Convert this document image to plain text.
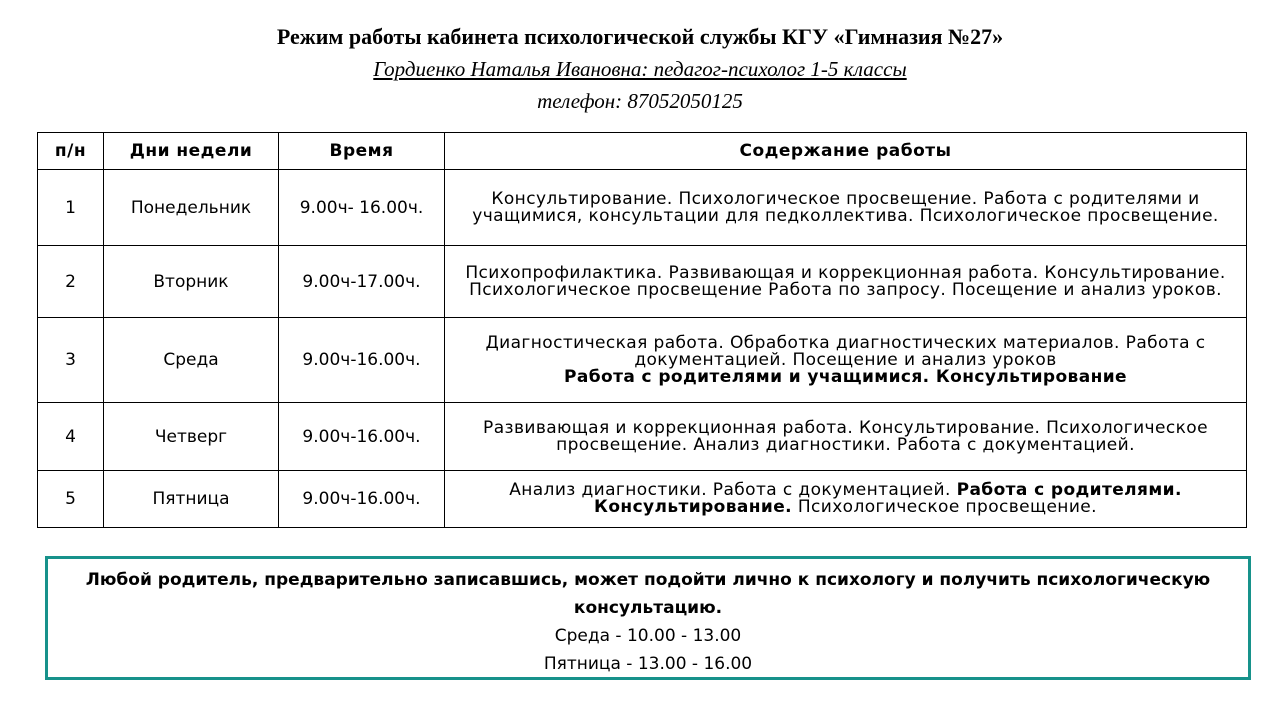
Режим работы кабинета психологической службы КГУ «Гимназия №27»

Гордиенко Наталья Ивановна: педагог-психолог 1-5 классы

телефон: 87052050125

п/н	Дни недели	Время	Содержание работы
1	Понедельник	9.00ч- 16.00ч.	Консультирование. Психологическое просвещение. Работа с родителями и учащимися, консультации для педколлектива. Психологическое просвещение.
2	Вторник	9.00ч-17.00ч.	Психопрофилактика. Развивающая и коррекционная работа. Консультирование. Психологическое просвещение Работа по запросу. Посещение и анализ уроков.
3	Среда	9.00ч-16.00ч.	Диагностическая работа. Обработка диагностических материалов. Работа с документацией. Посещение и анализ уроков
Работа с родителями и учащимися. Консультирование
4	Четверг	9.00ч-16.00ч.	Развивающая и коррекционная работа. Консультирование. Психологическое просвещение. Анализ диагностики. Работа с документацией.
5	Пятница	9.00ч-16.00ч.	Анализ диагностики. Работа с документацией. Работа с родителями. Консультирование. Психологическое просвещение.
Любой родитель, предварительно записавшись, может подойти лично к психологу и получить психологическую консультацию.
Среда - 10.00 - 13.00
Пятница - 13.00 - 16.00
